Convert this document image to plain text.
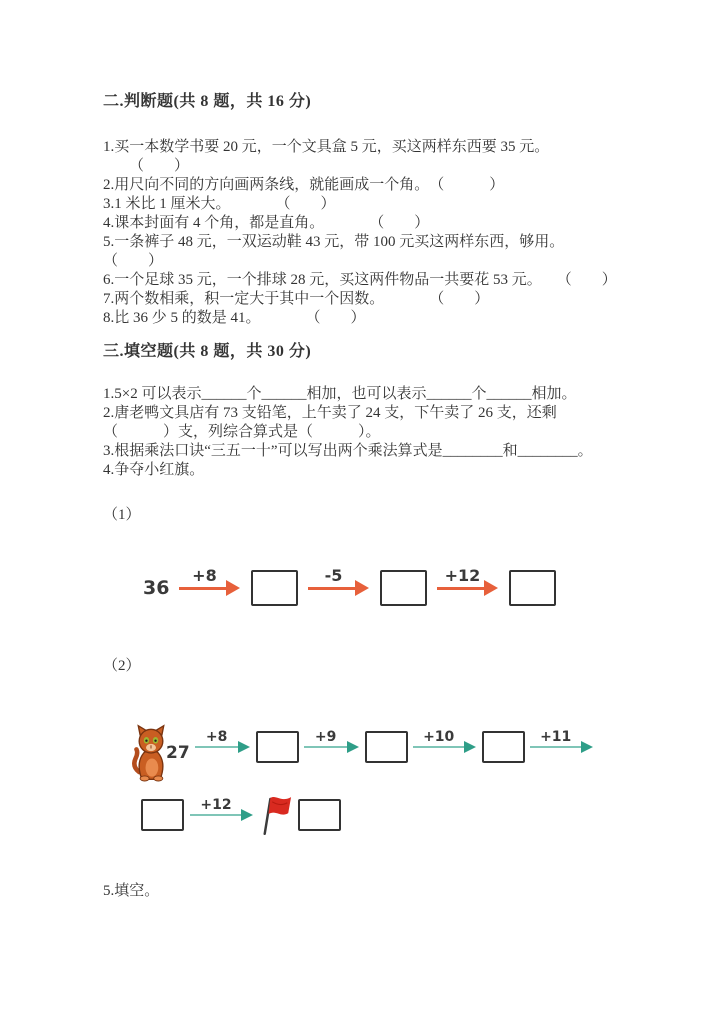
二.判断题(共 8 题，共 16 分)
1.买一本数学书要 20 元，一个文具盒 5 元，买这两样东西要 35 元。
（　　）
2.用尺向不同的方向画两条线，就能画成一个角。　（　　　）
3.1 米比 1 厘米大。　　　　（　　）
4.课本封面有 4 个角，都是直角。　　　　（　　）
5.一条裤子 48 元，一双运动鞋 43 元，带 100 元买这两样东西，够用。
（　　）
6.一个足球 35 元，一个排球 28 元，买这两件物品一共要花 53 元。　　（　　）
7.两个数相乘，积一定大于其中一个因数。　　　　（　　）
8.比 36 少 5 的数是 41。　　　　（　　）
三.填空题(共 8 题，共 30 分)
1.5×2 可以表示______个______相加，也可以表示______个______相加。
2.唐老鸭文具店有 73 支铅笔，上午卖了 24 支，下午卖了 26 支，还剩
（　　　）支，列综合算式是（　　　）。
3.根据乘法口诀“三五一十”可以写出两个乘法算式是________和________。
4.争夺小红旗。
（1）
36
+8	-5	+12
（2）
27
+8	+9	+10	+11
+12
5.填空。
